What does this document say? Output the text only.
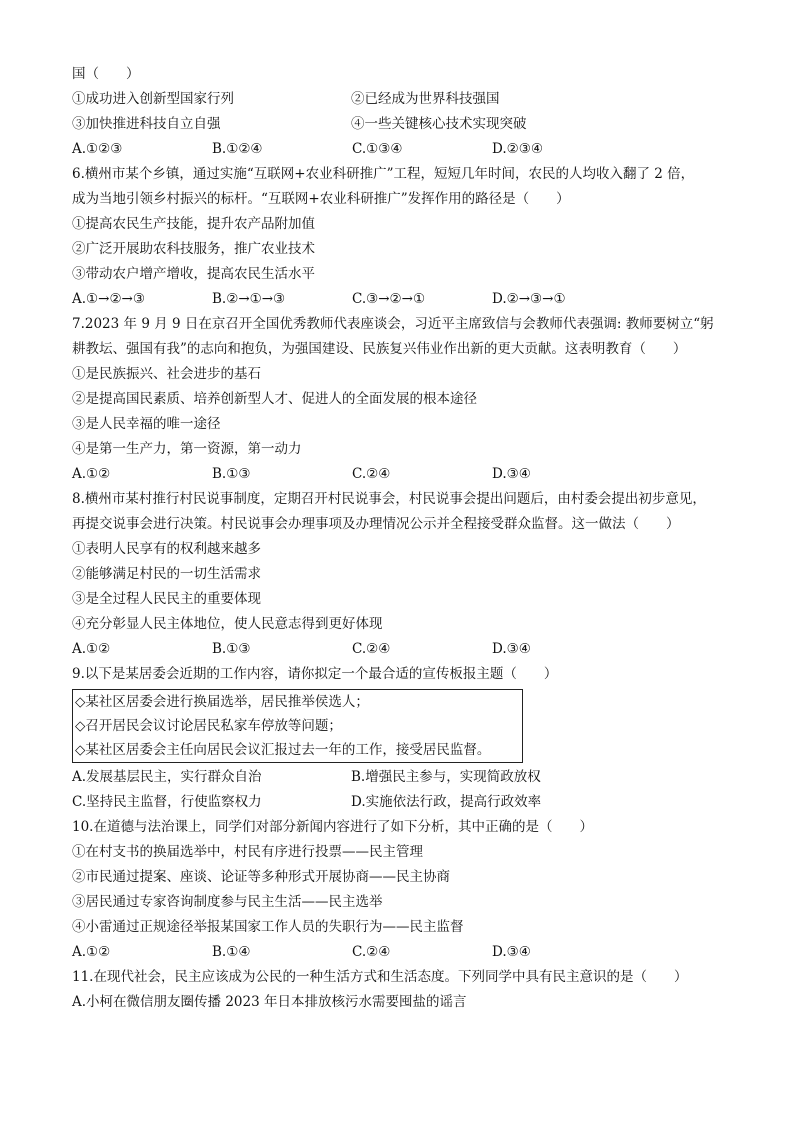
国（　　）
①成功进入创新型国家行列	②已经成为世界科技强国
③加快推进科技自立自强	④一些关键核心技术实现突破
A.①②③	B.①②④	C.①③④	D.②③④
6.横州市某个乡镇，通过实施“互联网+农业科研推广”工程，短短几年时间，农民的人均收入翻了 2 倍，
成为当地引领乡村振兴的标杆。“互联网+农业科研推广”发挥作用的路径是（　　）
①提高农民生产技能，提升农产品附加值
②广泛开展助农科技服务，推广农业技术
③带动农户增产增收，提高农民生活水平
A.①→②→③	B.②→①→③	C.③→②→①	D.②→③→①
7.2023 年 9 月 9 日在京召开全国优秀教师代表座谈会，习近平主席致信与会教师代表强调: 教师要树立“躬
耕教坛、强国有我”的志向和抱负，为强国建设、民族复兴伟业作出新的更大贡献。这表明教育（　　）
①是民族振兴、社会进步的基石
②是提高国民素质、培养创新型人才、促进人的全面发展的根本途径
③是人民幸福的唯一途径
④是第一生产力，第一资源，第一动力
A.①②	B.①③	C.②④	D.③④
8.横州市某村推行村民说事制度，定期召开村民说事会，村民说事会提出问题后，由村委会提出初步意见，
再提交说事会进行决策。村民说事会办理事项及办理情况公示并全程接受群众监督。这一做法（　　）
①表明人民享有的权利越来越多
②能够满足村民的一切生活需求
③是全过程人民民主的重要体现
④充分彰显人民主体地位，使人民意志得到更好体现
A.①②	B.①③	C.②④	D.③④
9.以下是某居委会近期的工作内容，请你拟定一个最合适的宣传板报主题（　　）
◇某社区居委会进行换届选举，居民推举侯选人；
◇召开居民会议讨论居民私家车停放等问题；
◇某社区居委会主任向居民会议汇报过去一年的工作，接受居民监督。
A.发展基层民主，实行群众自治	B.增强民主参与，实现简政放权
C.坚持民主监督，行使监察权力	D.实施依法行政，提高行政效率
10.在道德与法治课上，同学们对部分新闻内容进行了如下分析，其中正确的是（　　）
①在村支书的换届选举中，村民有序进行投票——民主管理
②市民通过提案、座谈、论证等多种形式开展协商——民主协商
③居民通过专家咨询制度参与民主生活——民主选举
④小雷通过正规途径举报某国家工作人员的失职行为——民主监督
A.①②	B.①④	C.②④	D.③④
11.在现代社会，民主应该成为公民的一种生活方式和生活态度。下列同学中具有民主意识的是（　　）
A.小柯在微信朋友圈传播 2023 年日本排放核污水需要囤盐的谣言
